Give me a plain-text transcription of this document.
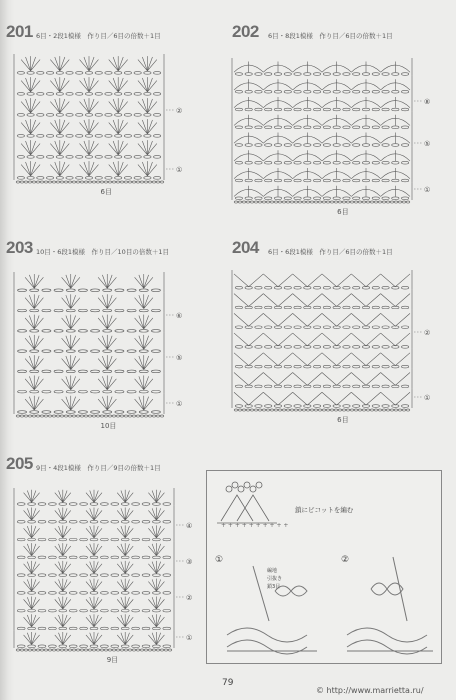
201 6目・2段1模様　作り目／6目の倍数＋1目
②
①
6目
202 6目・8段1模様　作り目／6目の倍数＋1目
⑧
⑤
①
6目
203 10目・6段1模様　作り目／10目の倍数＋1目
⑥
⑤
①
10目
204 6目・6段1模様　作り目／6目の倍数＋1目
②
①
6目
205 9目・4段1模様　作り目／9目の倍数＋1目
④
③
②
①
9目
+ + + + + + + + + +
鎖にピコットを編む
①	②
編地
引抜き
鎖3目
79
© http://www.marrietta.ru/
